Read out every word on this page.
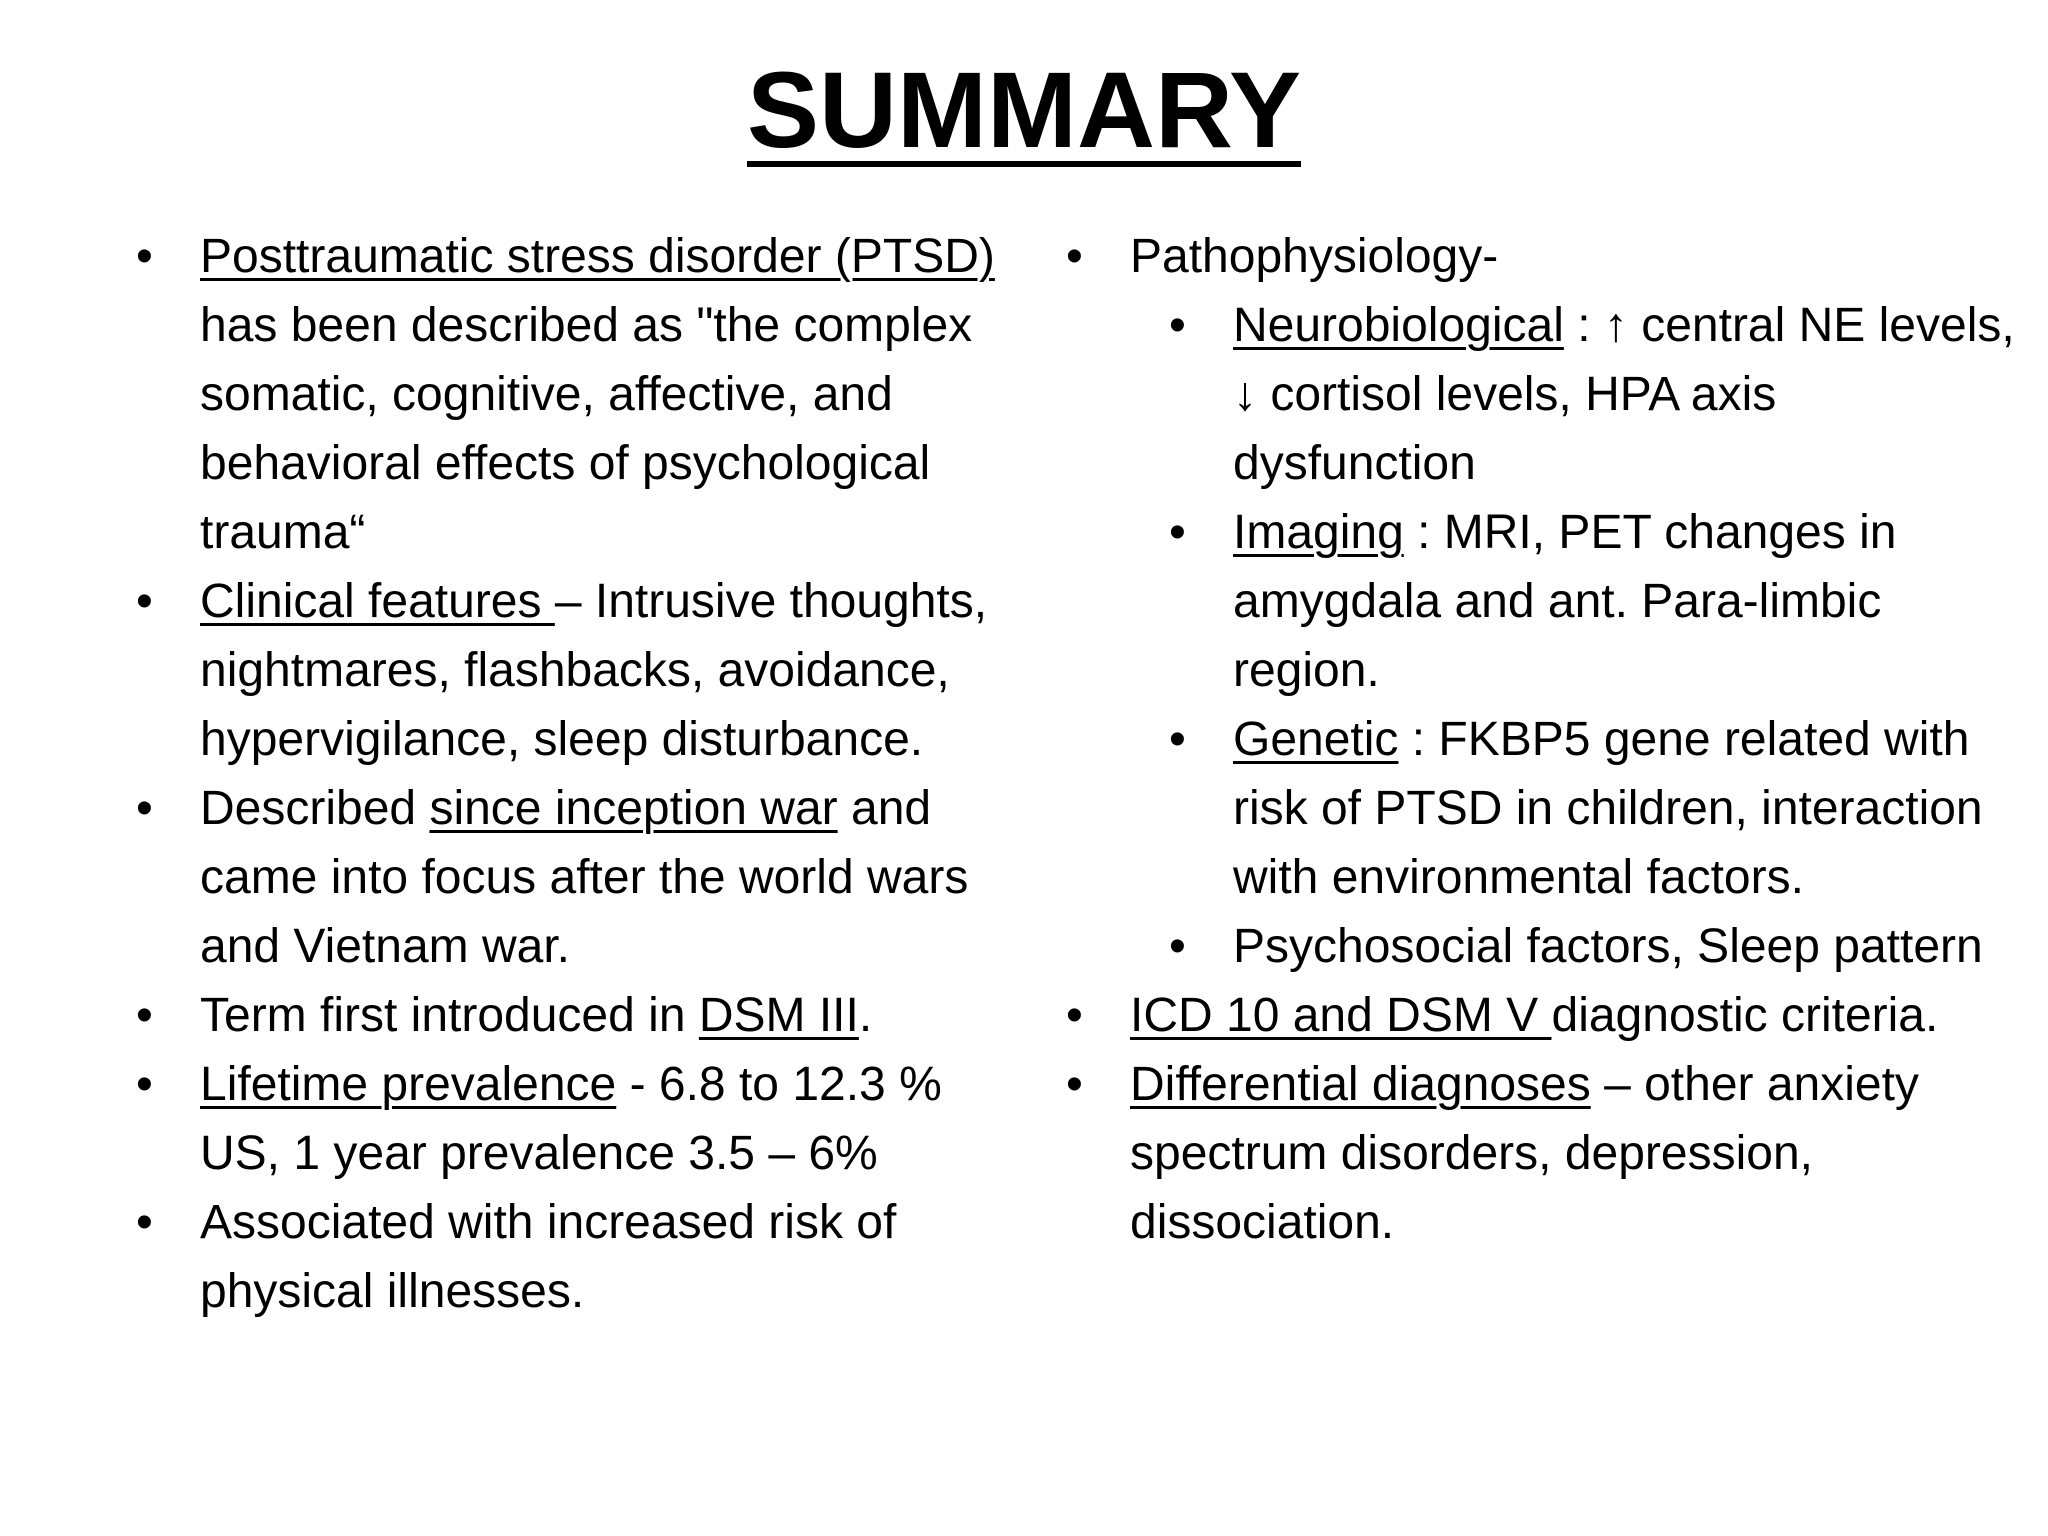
SUMMARY
• Posttraumatic stress disorder (PTSD) has been described as "the complex somatic, cognitive, affective, and behavioral effects of psychological trauma“
• Clinical features – Intrusive thoughts, nightmares, flashbacks, avoidance, hypervigilance, sleep disturbance.
• Described since inception war and came into focus after the world wars and Vietnam war.
• Term first introduced in DSM III.
• Lifetime prevalence - 6.8 to 12.3 % US, 1 year prevalence 3.5 – 6%
• Associated with increased risk of physical illnesses.
• Pathophysiology-
• Neurobiological : ↑ central NE levels, ↓ cortisol levels, HPA axis dysfunction
• Imaging : MRI, PET changes in amygdala and ant. Para-limbic region.
• Genetic : FKBP5 gene related with risk of PTSD in children, interaction with environmental factors.
• Psychosocial factors, Sleep pattern
• ICD 10 and DSM V diagnostic criteria.
• Differential diagnoses – other anxiety spectrum disorders, depression, dissociation.
